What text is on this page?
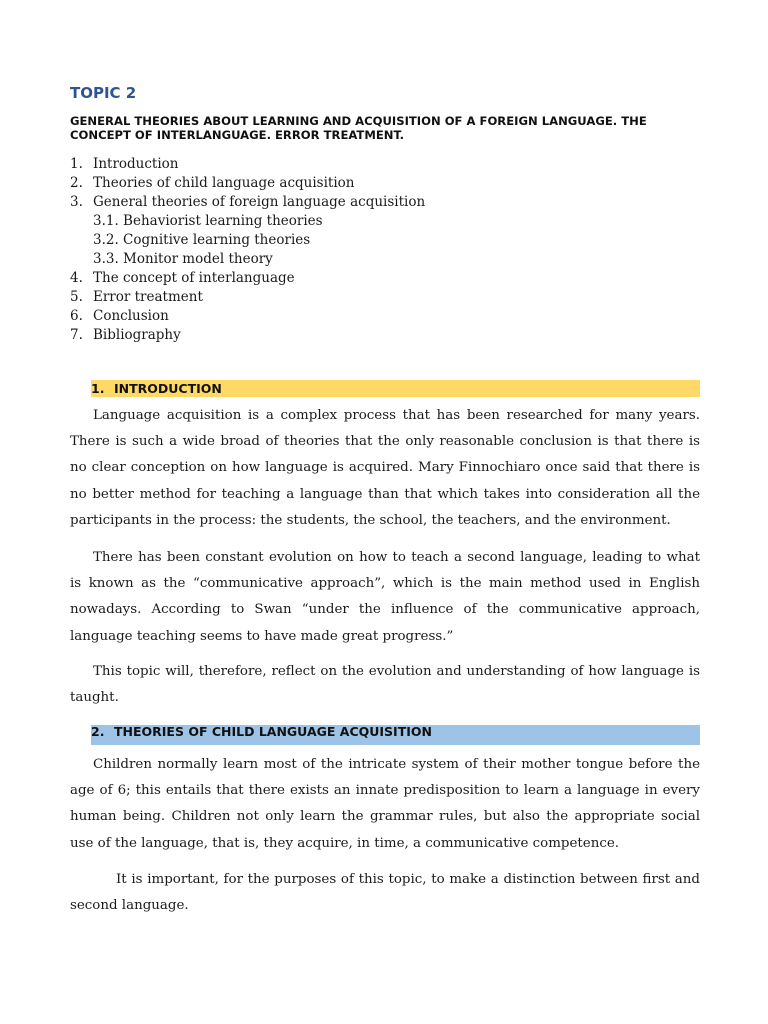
TOPIC 2
GENERAL THEORIES ABOUT LEARNING AND ACQUISITION OF A FOREIGN LANGUAGE. THE CONCEPT OF INTERLANGUAGE. ERROR TREATMENT.
1. Introduction
2. Theories of child language acquisition
3. General theories of foreign language acquisition
3.1. Behaviorist learning theories
3.2. Cognitive learning theories
3.3. Monitor model theory
4. The concept of interlanguage
5. Error treatment
6. Conclusion
7. Bibliography
1. INTRODUCTION

Language acquisition is a complex process that has been researched for many years. There is such a wide broad of theories that the only reasonable conclusion is that there is no clear conception on how language is acquired. Mary Finnochiaro once said that there is no better method for teaching a language than that which takes into consideration all the participants in the process: the students, the school, the teachers, and the environment.

There has been constant evolution on how to teach a second language, leading to what is known as the “communicative approach”, which is the main method used in English nowadays. According to Swan “under the influence of the communicative approach, language teaching seems to have made great progress.”

This topic will, therefore, reflect on the evolution and understanding of how language is taught.

2. THEORIES OF CHILD LANGUAGE ACQUISITION

Children normally learn most of the intricate system of their mother tongue before the age of 6; this entails that there exists an innate predisposition to learn a language in every human being. Children not only learn the grammar rules, but also the appropriate social use of the language, that is, they acquire, in time, a communicative competence.

It is important, for the purposes of this topic, to make a distinction between first and second language.
